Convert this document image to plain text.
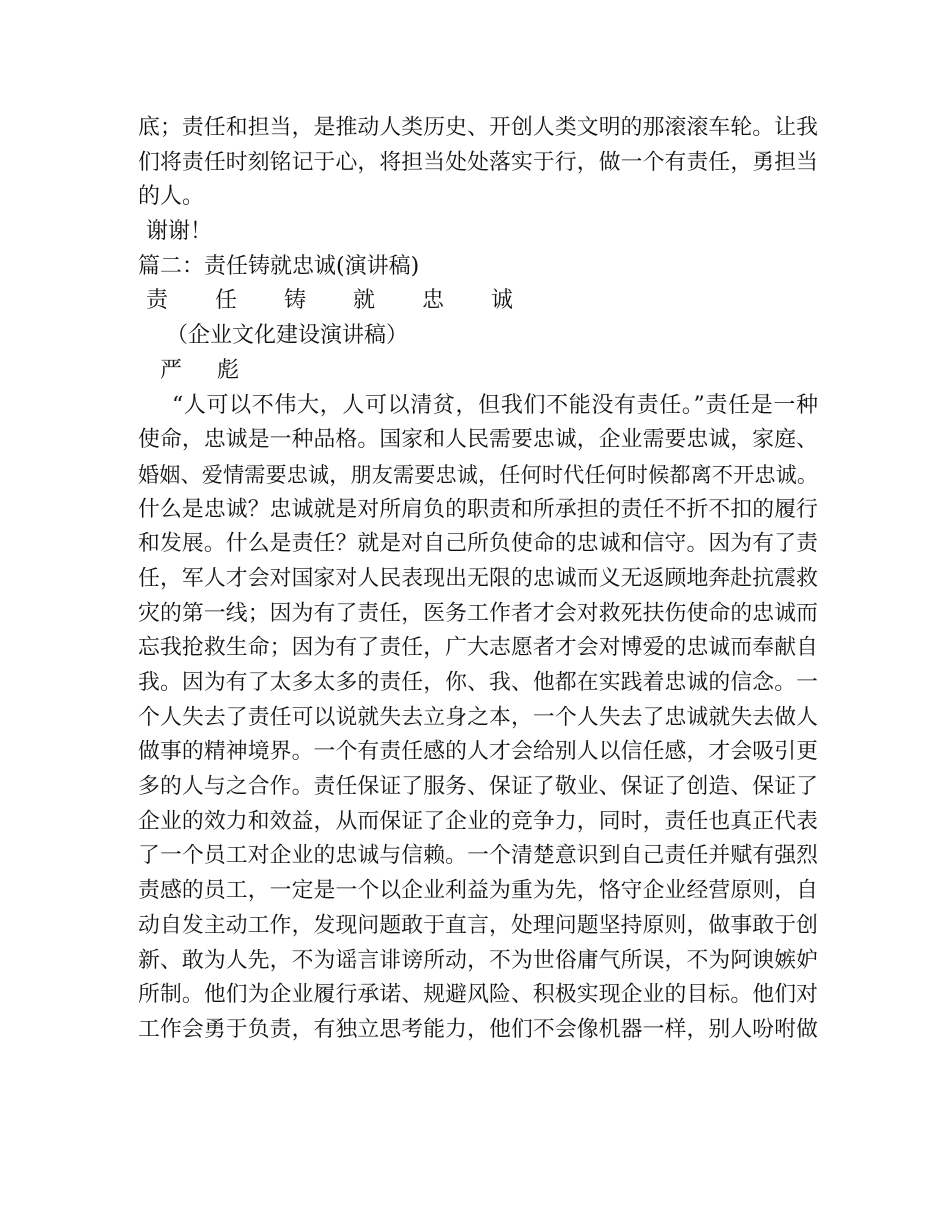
底；责任和担当，是推动人类历史、开创人类文明的那滚滚车轮。让我
们将责任时刻铭记于心，将担当处处落实于行，做一个有责任，勇担当
的人。
谢谢！
篇二：责任铸就忠诚(演讲稿)
责 任 铸 就 忠 诚
（企业文化建设演讲稿）
严 彪
“人可以不伟大，人可以清贫，但我们不能没有责任。”责任是一种
使命，忠诚是一种品格。国家和人民需要忠诚，企业需要忠诚，家庭、
婚姻、爱情需要忠诚，朋友需要忠诚，任何时代任何时候都离不开忠诚。
什么是忠诚？忠诚就是对所肩负的职责和所承担的责任不折不扣的履行
和发展。什么是责任？就是对自己所负使命的忠诚和信守。因为有了责
任，军人才会对国家对人民表现出无限的忠诚而义无返顾地奔赴抗震救
灾的第一线；因为有了责任，医务工作者才会对救死扶伤使命的忠诚而
忘我抢救生命；因为有了责任，广大志愿者才会对博爱的忠诚而奉献自
我。因为有了太多太多的责任，你、我、他都在实践着忠诚的信念。一
个人失去了责任可以说就失去立身之本，一个人失去了忠诚就失去做人
做事的精神境界。一个有责任感的人才会给别人以信任感，才会吸引更
多的人与之合作。责任保证了服务、保证了敬业、保证了创造、保证了
企业的效力和效益，从而保证了企业的竞争力，同时，责任也真正代表
了一个员工对企业的忠诚与信赖。一个清楚意识到自己责任并赋有强烈
责感的员工，一定是一个以企业利益为重为先，恪守企业经营原则，自
动自发主动工作，发现问题敢于直言，处理问题坚持原则，做事敢于创
新、敢为人先，不为谣言诽谤所动，不为世俗庸气所误，不为阿谀嫉妒
所制。他们为企业履行承诺、规避风险、积极实现企业的目标。他们对
工作会勇于负责，有独立思考能力，他们不会像机器一样，别人吩咐做
